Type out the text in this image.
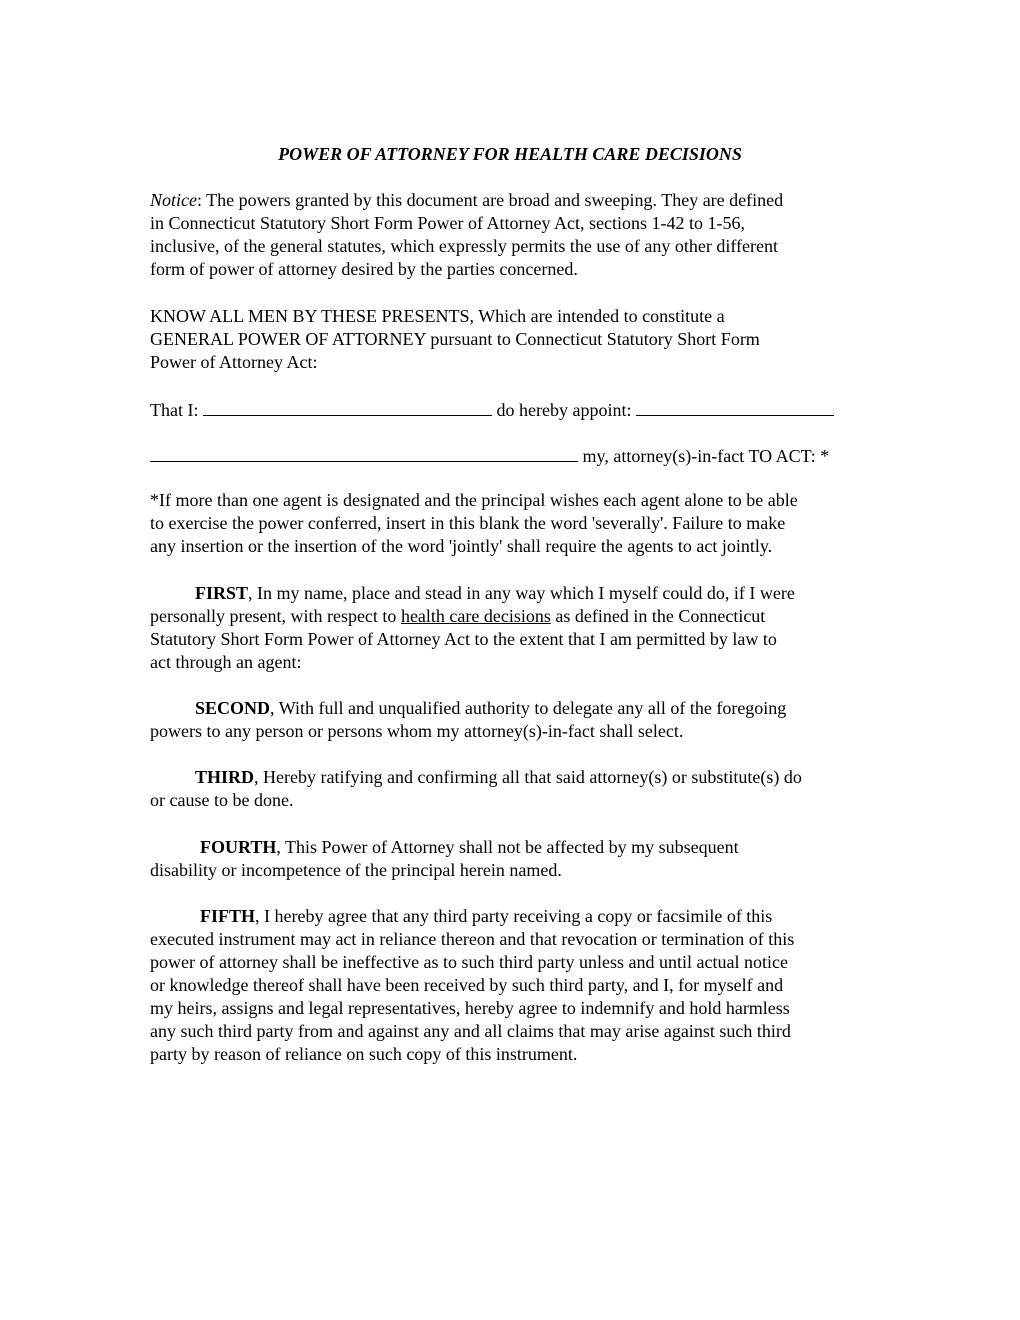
POWER OF ATTORNEY FOR HEALTH CARE DECISIONS
Notice: The powers granted by this document are broad and sweeping. They are defined
in Connecticut Statutory Short Form Power of Attorney Act, sections 1-42 to 1-56,
inclusive, of the general statutes, which expressly permits the use of any other different
form of power of attorney desired by the parties concerned.
KNOW ALL MEN BY THESE PRESENTS, Which are intended to constitute a
GENERAL POWER OF ATTORNEY pursuant to Connecticut Statutory Short Form
Power of Attorney Act:
That I:	do hereby appoint:
my, attorney(s)-in-fact TO ACT: *
*If more than one agent is designated and the principal wishes each agent alone to be able
to exercise the power conferred, insert in this blank the word 'severally'. Failure to make
any insertion or the insertion of the word 'jointly' shall require the agents to act jointly.
FIRST, In my name, place and stead in any way which I myself could do, if I were
personally present, with respect to health care decisions as defined in the Connecticut
Statutory Short Form Power of Attorney Act to the extent that I am permitted by law to
act through an agent:
SECOND, With full and unqualified authority to delegate any all of the foregoing
powers to any person or persons whom my attorney(s)-in-fact shall select.
THIRD, Hereby ratifying and confirming all that said attorney(s) or substitute(s) do
or cause to be done.
FOURTH, This Power of Attorney shall not be affected by my subsequent
disability or incompetence of the principal herein named.
FIFTH, I hereby agree that any third party receiving a copy or facsimile of this
executed instrument may act in reliance thereon and that revocation or termination of this
power of attorney shall be ineffective as to such third party unless and until actual notice
or knowledge thereof shall have been received by such third party, and I, for myself and
my heirs, assigns and legal representatives, hereby agree to indemnify and hold harmless
any such third party from and against any and all claims that may arise against such third
party by reason of reliance on such copy of this instrument.
